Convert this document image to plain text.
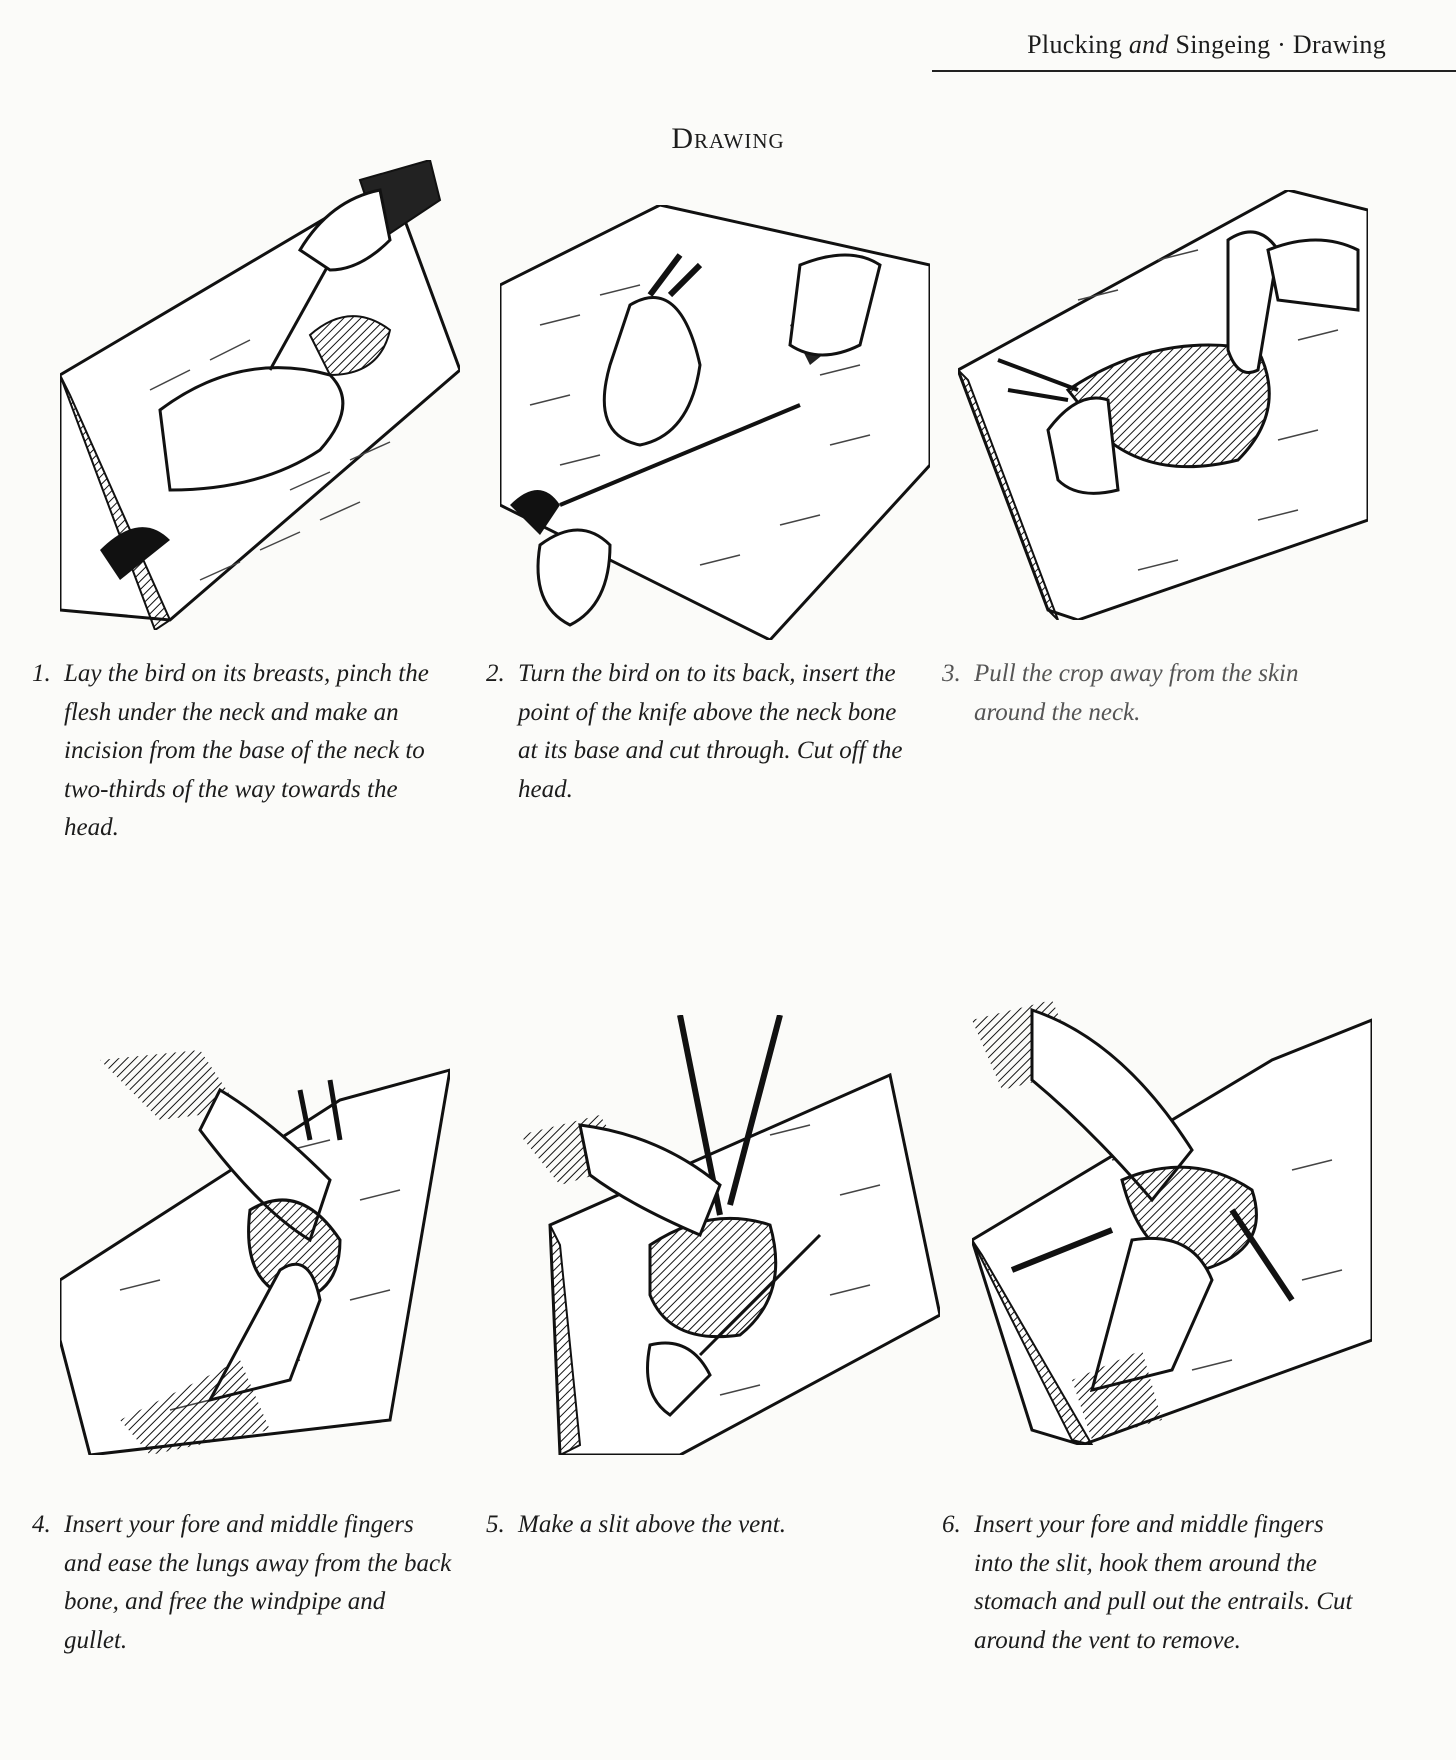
Plucking and Singeing · Drawing
Drawing
1. Lay the bird on its breasts, pinch the flesh under the neck and make an incision from the base of the neck to two-thirds of the way towards the head.
2. Turn the bird on to its back, insert the point of the knife above the neck bone at its base and cut through. Cut off the head.
3. Pull the crop away from the skin around the neck.
4. Insert your fore and middle fingers and ease the lungs away from the back bone, and free the windpipe and gullet.
5. Make a slit above the vent.	6. Insert your fore and middle fingers into the slit, hook them around the stomach and pull out the entrails. Cut around the vent to remove.
